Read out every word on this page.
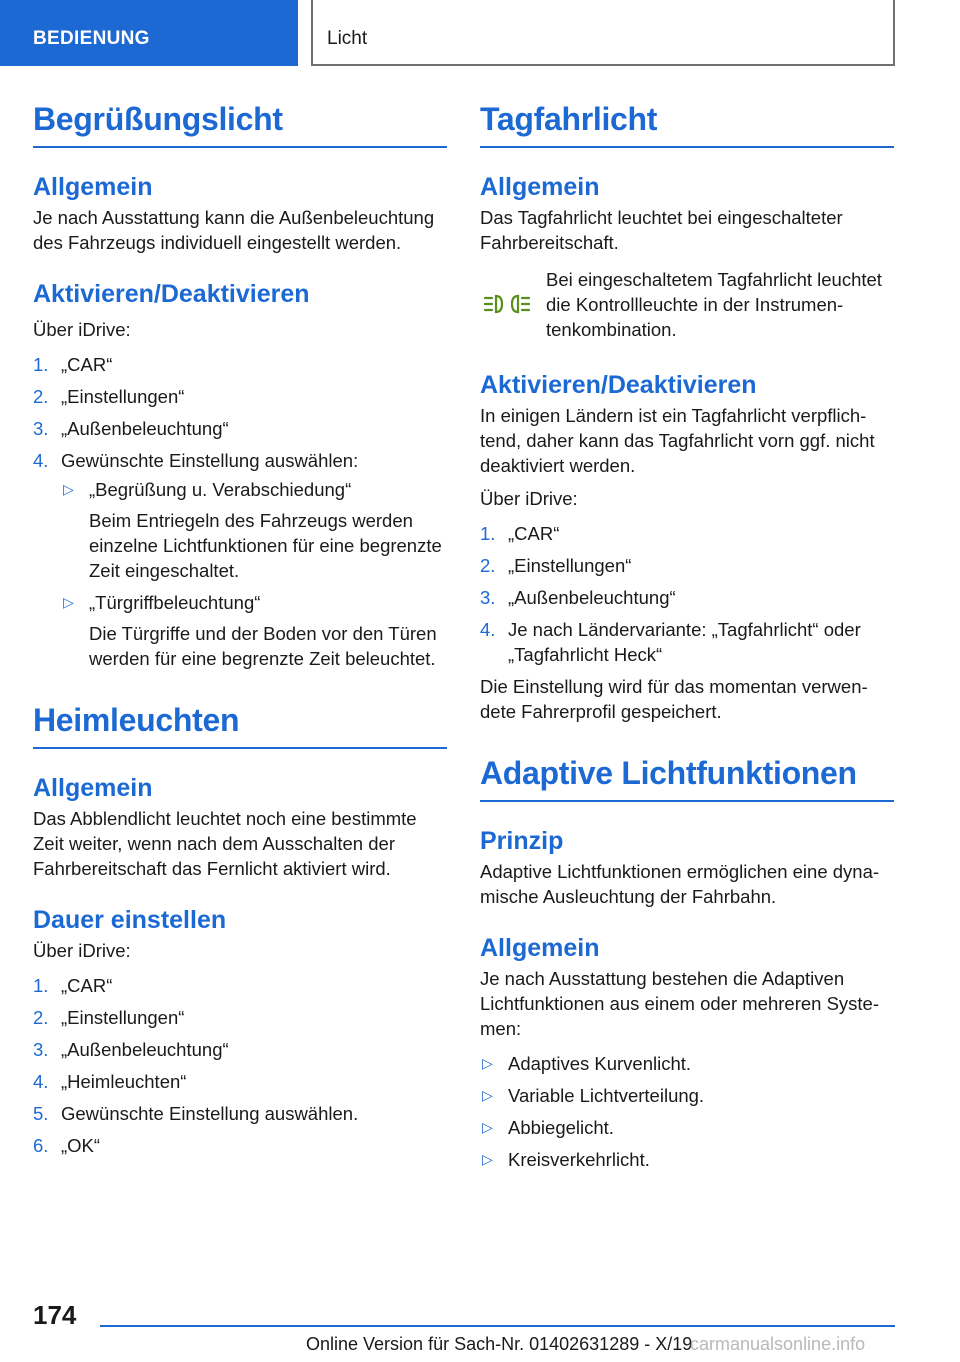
BEDIENUNG	Licht
Begrüßungslicht
Allgemein
Je nach Ausstattung kann die Außenbeleuchtung des Fahrzeugs individuell eingestellt werden.
Aktivieren/Deaktivieren
Über iDrive:
1. „CAR“
2. „Einstellungen“
3. „Außenbeleuchtung“
4. Gewünschte Einstellung auswählen:
▷ „Begrüßung u. Verabschiedung“
Beim Entriegeln des Fahrzeugs werden einzelne Lichtfunktionen für eine begrenzte Zeit eingeschaltet.
▷ „Türgriffbeleuchtung“
Die Türgriffe und der Boden vor den Türen werden für eine begrenzte Zeit beleuchtet.
Heimleuchten
Allgemein
Das Abblendlicht leuchtet noch eine bestimmte Zeit weiter, wenn nach dem Ausschalten der Fahrbereitschaft das Fernlicht aktiviert wird.
Dauer einstellen
Über iDrive:
1. „CAR“
2. „Einstellungen“
3. „Außenbeleuchtung“
4. „Heimleuchten“
5. Gewünschte Einstellung auswählen.
6. „OK“
Tagfahrlicht
Allgemein
Das Tagfahrlicht leuchtet bei eingeschalteter Fahrbereitschaft.
Bei eingeschaltetem Tagfahrlicht leuchtet die Kontrollleuchte in der Instrumentenkombination.
Aktivieren/Deaktivieren
In einigen Ländern ist ein Tagfahrlicht verpflichtend, daher kann das Tagfahrlicht vorn ggf. nicht deaktiviert werden.
Über iDrive:
1. „CAR“
2. „Einstellungen“
3. „Außenbeleuchtung“
4. Je nach Ländervariante: „Tagfahrlicht“ oder „Tagfahrlicht Heck“
Die Einstellung wird für das momentan verwendete Fahrerprofil gespeichert.
Adaptive Lichtfunktionen
Prinzip
Adaptive Lichtfunktionen ermöglichen eine dynamische Ausleuchtung der Fahrbahn.
Allgemein
Je nach Ausstattung bestehen die Adaptiven Lichtfunktionen aus einem oder mehreren Systemen:
▷ Adaptives Kurvenlicht.
▷ Variable Lichtverteilung.
▷ Abbiegelicht.
▷ Kreisverkehrlicht.
174
Online Version für Sach-Nr. 01402631289 - X/19
carmanualsonline.info
